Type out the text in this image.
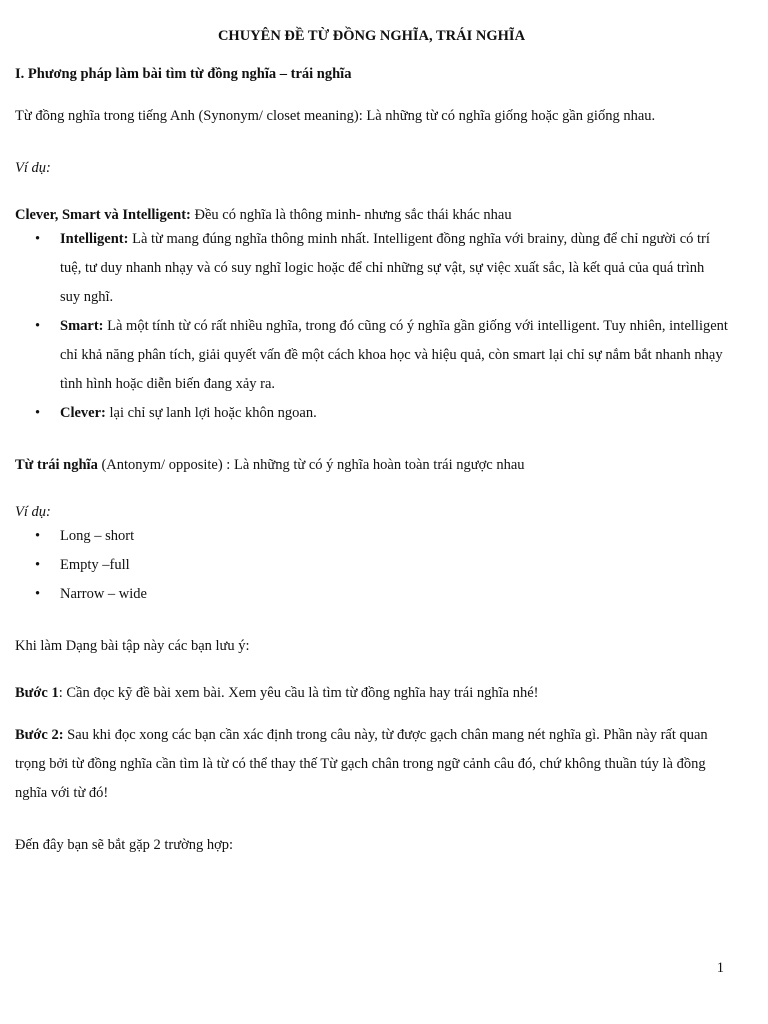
CHUYÊN ĐỀ TỪ ĐỒNG NGHĨA, TRÁI NGHĨA

I. Phương pháp làm bài tìm từ đồng nghĩa – trái nghĩa

Từ đồng nghĩa trong tiếng Anh (Synonym/ closet meaning): Là những từ có nghĩa giống hoặc gần giống nhau.

Ví dụ:

Clever, Smart và Intelligent: Đều có nghĩa là thông minh- nhưng sắc thái khác nhau

• Intelligent: Là từ mang đúng nghĩa thông minh nhất. Intelligent đồng nghĩa với brainy, dùng để chỉ người có trí tuệ, tư duy nhanh nhạy và có suy nghĩ logic hoặc để chỉ những sự vật, sự việc xuất sắc, là kết quả của quá trình suy nghĩ.
• Smart: Là một tính từ có rất nhiều nghĩa, trong đó cũng có ý nghĩa gần giống với intelligent. Tuy nhiên, intelligent chỉ khả năng phân tích, giải quyết vấn đề một cách khoa học và hiệu quả, còn smart lại chỉ sự nắm bắt nhanh nhạy tình hình hoặc diễn biến đang xảy ra.
• Clever: lại chỉ sự lanh lợi hoặc khôn ngoan.

Từ trái nghĩa (Antonym/ opposite) : Là những từ có ý nghĩa hoàn toàn trái ngược nhau

Ví dụ:

• Long – short
• Empty –full
• Narrow – wide

Khi làm Dạng bài tập này các bạn lưu ý:

Bước 1: Cần đọc kỹ đề bài xem bài. Xem yêu cầu là tìm từ đồng nghĩa hay trái nghĩa nhé!

Bước 2: Sau khi đọc xong các bạn cần xác định trong câu này, từ được gạch chân mang nét nghĩa gì. Phần này rất quan trọng bởi từ đồng nghĩa cần tìm là từ có thể thay thế Từ gạch chân trong ngữ cảnh câu đó, chứ không thuần túy là đồng nghĩa với từ đó!

Đến đây bạn sẽ bắt gặp 2 trường hợp:

1
